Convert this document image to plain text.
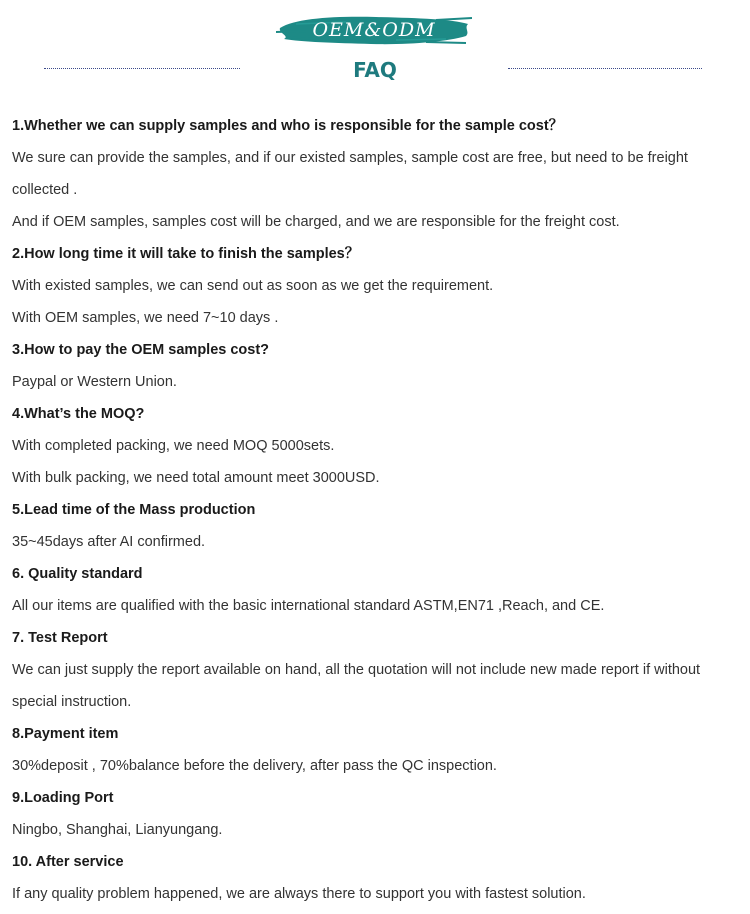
OEM&ODM
FAQ
1.Whether we can supply samples and who is responsible for the sample cost？
We sure can provide the samples, and if our existed samples, sample cost are free, but need to be freight
collected .
And if OEM samples, samples cost will be charged, and we are responsible for the freight cost.
2.How long time it will take to finish the samples？
With existed samples, we can send out as soon as we get the requirement.
With OEM samples, we need 7~10 days .
3.How to pay the OEM samples cost?
Paypal or Western Union.
4.What’s the MOQ?
With completed packing, we need MOQ 5000sets.
With bulk packing, we need total amount meet 3000USD.
5.Lead time of the Mass production
35~45days after AI confirmed.
6. Quality standard
All our items are qualified with the basic international standard ASTM,EN71 ,Reach, and CE.
7. Test Report
We can just supply the report available on hand, all the quotation will not include new made report if without
special instruction.
8.Payment item
30%deposit , 70%balance before the delivery, after pass the QC inspection.
9.Loading Port
Ningbo, Shanghai, Lianyungang.
10. After service
If any quality problem happened, we are always there to support you with fastest solution.
